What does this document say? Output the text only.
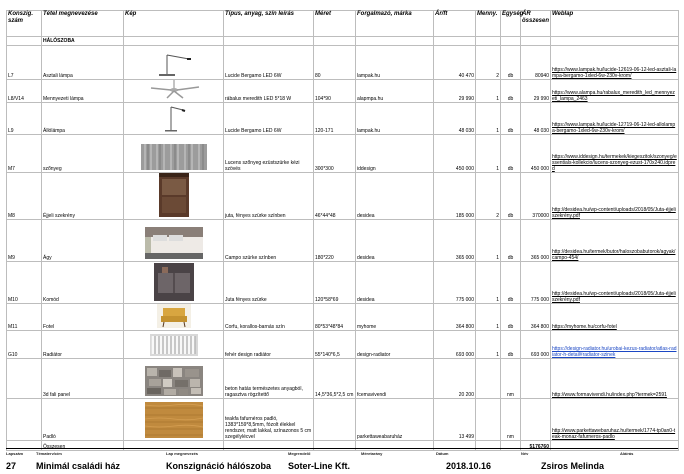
Konszig. szám	Tétel megnevezése	Kép	Típus, anyag, szín leírás	Méret	Forgalmazó, márka	Ár/ft	Menny.	Egység	ÁR összesen	Weblap
	HÁLÓSZOBA									
L7	Asztali lámpa		Lucide Bergamo LED 6W	80	lampak.hu	40 470	2	db	80940	https://www.lampak.hu/lucide-12619-06-12-led-asztali-lampa-bergamo-1xled-6w-230v-krom/
L8/V14	Mennyezeti lámpa		rábalux meredith LED 5*18 W	104*90	alapmpa.hu	29 990	1	db	29 990	https://www.alampa.hu/rabalux_meredith_led_mennyezeti_lampa_2463
L9	Állólámpa		Lucide Bergamo LED 6W	120-171	lampak.hu	48 030	1	db	48 030	https://www.lampak.hu/lucide-12719-06-12-led-allolampa-bergamo-1xled-6w-230v-krom/
M7	szőnyeg		Lucens szőnyeg ezüstszürke kézi szövés	300*300	iddesign	450 000	1	db	450 000	https://www.iddesign.hu/termekek/kiegeszitok/szonyeg/essentials-kollekcio/lucens-szonyeg-ezust-170x240.idpred
M8	Éjjeli szekrény		juta, fényes szürke színben	46*44*48	desidea	185 000	2	db	370000	http://desidea.hu/wp-content/uploads/2018/05/Juta-éjjeliszekrény.pdf
M9	Ágy		Campo szürke színben	180*220	desidea	365 000	1	db	365 000	http://desidea.hu/termek/butor/haloszobabutorok/agyak/campo-454/
M10	Komód		Juta fényes szürke	120*58*69	desidea	775 000	1	db	775 000	http://desidea.hu/wp-content/uploads/2018/05/Juta-éjjeliszekrény.pdf
M11	Fotel		Corfu, korallos-barnás szín	80*53*48*84	myhome	364 800	1	db	364 800	https://myhome.hu/corfu-fotel
G10	Radiátor		fehér design radiátor	55*140*6,5	design-radiator	693 000	1	db	693 000	https://design-radiator.hu/urobai-kezus-radiator/atlas-radiator-h-detail#radiator-szinek
	3d fali panel		beton hatás természetes anyagból, ragasztva rögzítettő	14,5*36,5*2,5 cm	fcemavivendi	20 200		nm		http://www.formavivendi.hu/index.php?termek=2591
	Padló		teakfa fafurnéros padló, 1383*159*8,5mm, fózolt élekkel rendszer, matt lakkal, színazonos 5 cm szegélylécvel		parkettaweabaruház	13 499		nm		http://www.parkettawebaruhaz.hu/termek/1774-tp0an0-teak-monaz-fafurneros-padlo
	Összesen								5176760	
Lapszám	Tématerv/cím	Lap megnevezés	Megrendelő	Méretarány	Dátum	Név	Aláírás
27 Minimál családi ház	Konszignáció hálószoba Soter-Line Kft.	2018.10.16	Zsiros Melinda
